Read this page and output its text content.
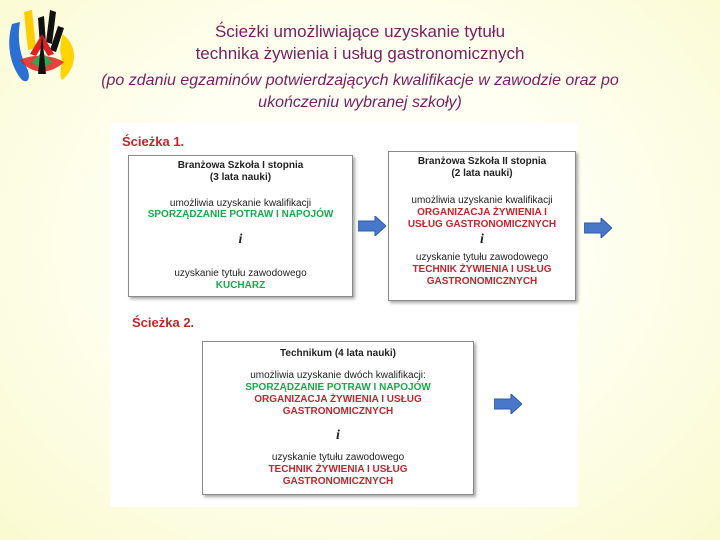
Ścieżki umożliwiające uzyskanie tytułu

technika żywienia i usług gastronomicznych

(po zdaniu egzaminów potwierdzających kwalifikacje w zawodzie oraz po

ukończeniu wybranej szkoły)

Ścieżka 1.
Branżowa Szkoła I stopnia
(3 lata nauki)
umożliwia uzyskanie kwalifikacji
SPORZĄDZANIE POTRAW I NAPOJÓW
i
uzyskanie tytułu zawodowego
KUCHARZ
Branżowa Szkoła II stopnia
(2 lata nauki)
umożliwia uzyskanie kwalifikacji
ORGANIZACJA ŻYWIENIA I
USŁUG GASTRONOMICZNYCH
i
uzyskanie tytułu zawodowego
TECHNIK ŻYWIENIA I USŁUG
GASTRONOMICZNYCH
Ścieżka 2.
Technikum (4 lata nauki)
umożliwia uzyskanie dwóch kwalifikacji:
SPORZĄDZANIE POTRAW I NAPOJÓW
ORGANIZACJA ŻYWIENIA I USŁUG
GASTRONOMICZNYCH
i
uzyskanie tytułu zawodowego
TECHNIK ŻYWIENIA I USŁUG
GASTRONOMICZNYCH
